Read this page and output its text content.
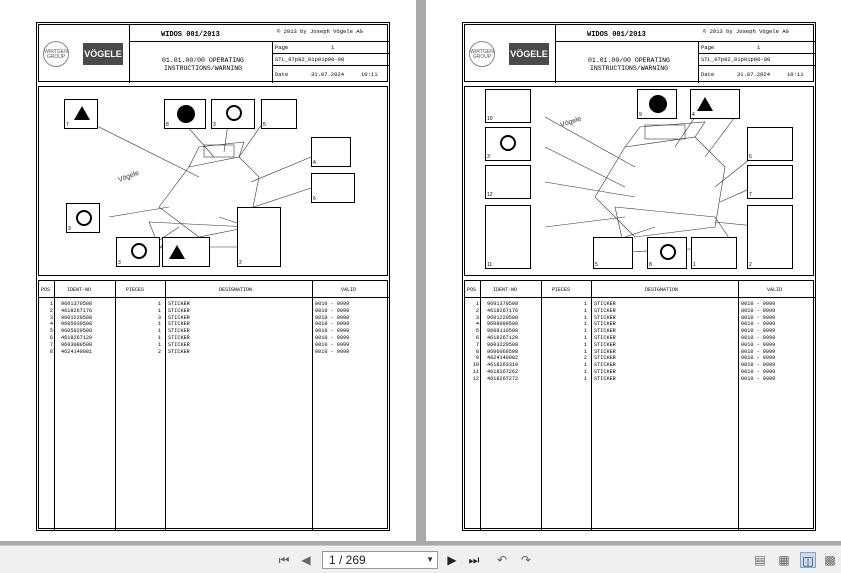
WIRTGEN GROUP	VÖGELE
WIDOS 001/2013	© 2013 by Joseph Vögele AG
01.01.00/00 OPERATING
INSTRUCTIONS/WARNING
Page	1
STL_07p82_01p01p00-00
Date	31.07.2024	10:11
Vögele
7	8	3	5
4
6
3
2
3
POS	IDENT-NO	PIECES	DESIGNATION	VALID
1 9601370508	1 STICKER	0010 - 9999
2 4618267176	1 STICKER	0010 - 9999
3 9601220508	3 STICKER	0010 - 9999
4 9605030508	1 STICKER	0010 - 9999
5 9605020508	1 STICKER	0010 - 9999
6 4618267120	1 STICKER	0010 - 9999
7 9603080508	1 STICKER	0010 - 9999
8 4624140081	2 STICKER	0010 - 9999
WIRTGEN GROUP	VÖGELE
WIDOS 001/2013	© 2013 by Joseph Vögele AG
01.01.00/00 OPERATING
INSTRUCTIONS/WARNING
Page	1
STL_07p82_01p01p00-00
Date	31.07.2024	10:11
Vögele
10
9	4
3	6
12	7
11	5	8	1	2
POS	IDENT-NO	PIECES	DESIGNATION	VALID
1 9601370508	1 STICKER	0010 - 9999
2 4618267176	1 STICKER	0010 - 9999
3 9601220508	1 STICKER	0010 - 9999
4 9608090508	1 STICKER	0010 - 9999
5 9608110508	1 STICKER	0010 - 9999
6 4618267120	1 STICKER	0010 - 9999
7 9603220508	1 STICKER	0010 - 9999
8 9606060508	1 STICKER	0010 - 9999
9 4624140082	2 STICKER	0010 - 9999
10 4618263310	1 STICKER	0010 - 9999
11 4618267262	1 STICKER	0010 - 9999
12 4618267272	1 STICKER	0010 - 9999
⏮ ◀	1 / 269	▼ ▶ ⏭ ↶ ↷	▤ ▦ ◫ ▩
